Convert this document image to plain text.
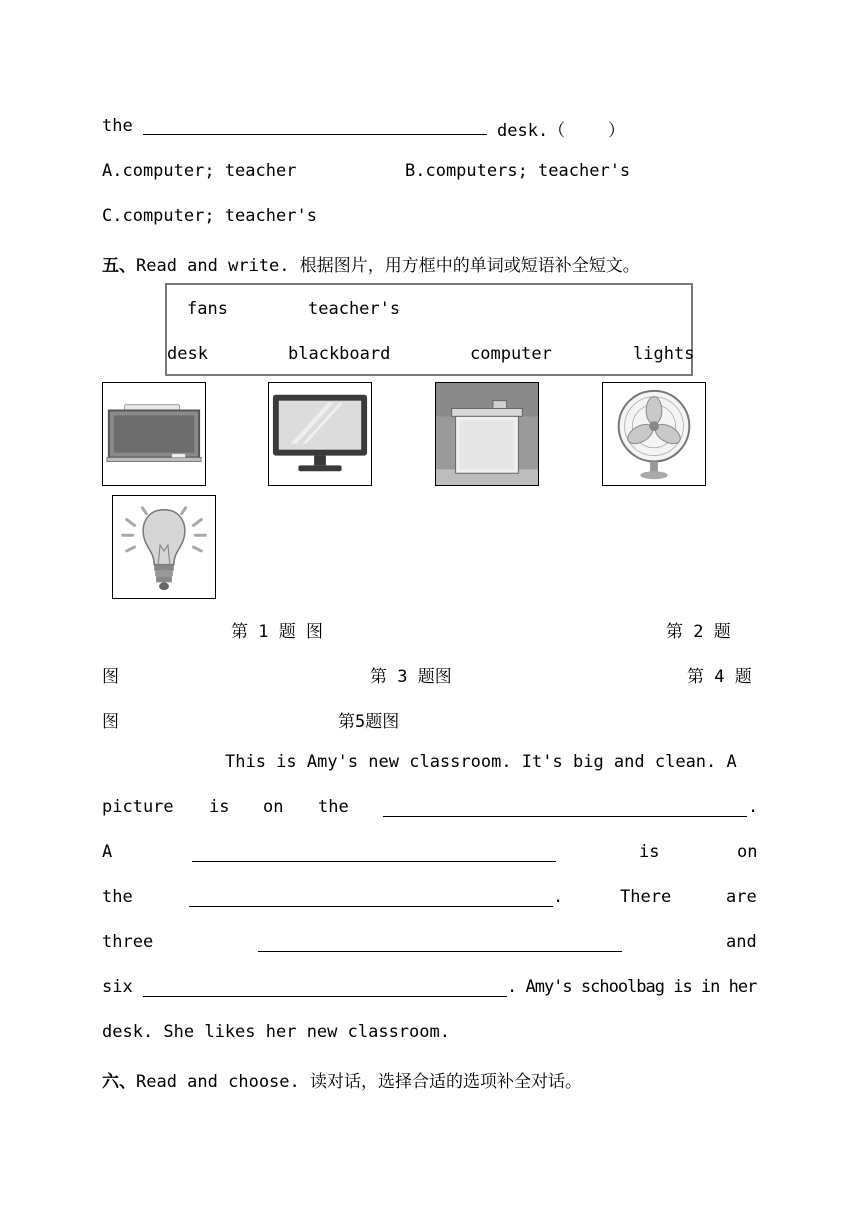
the	desk.（	）
A.computer; teacher	B.computers; teacher's
C.computer; teacher's
五、Read and write. 根据图片，用方框中的单词或短语补全短文。
fans	teacher's
desk	blackboard	computer	lights
第 1 题 图	第 2 题
图	第 3 题图	第 4 题
图	第5题图
This is Amy's new classroom. It's big and clean. A
picture is on the	.
A	is	on
the	.	There	are
three	and
six	. Amy's schoolbag is in her
desk. She likes her new classroom.
六、Read and choose. 读对话，选择合适的选项补全对话。
